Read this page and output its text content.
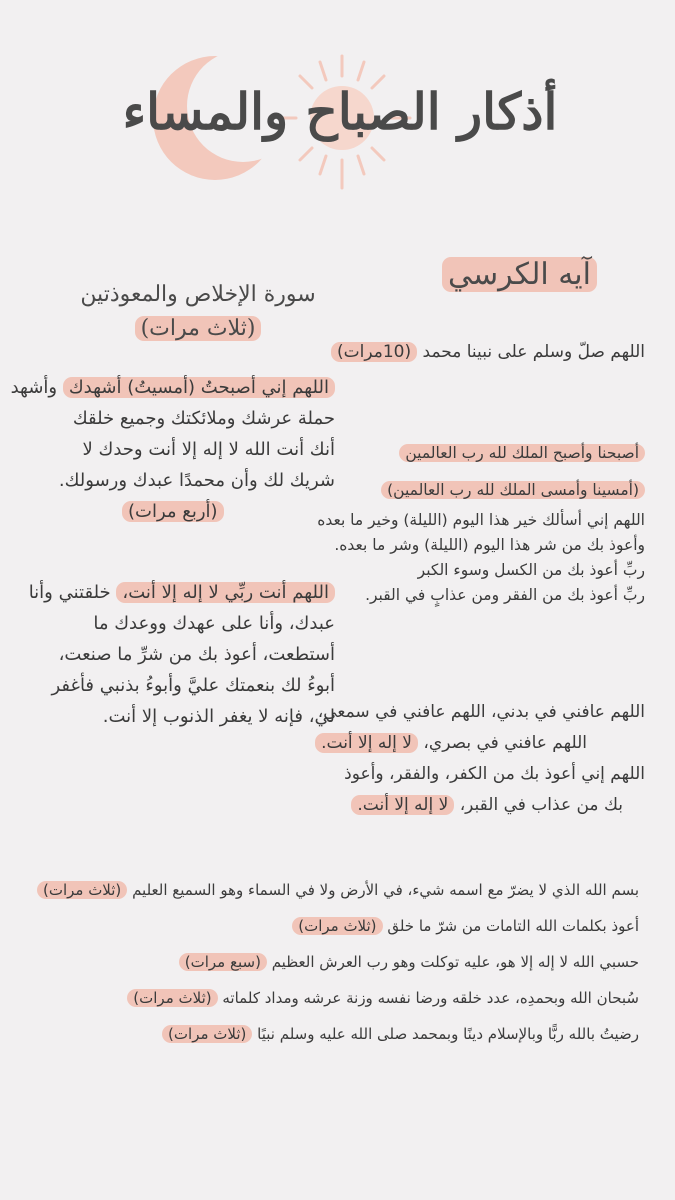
أذكار الصباح والمساء
آيه الكرسي
اللهم صلّ وسلم على نبينا محمد (10مرات)
أصبحنا وأصبح الملك لله رب العالمين
(أمسينا وأمسى الملك لله رب العالمين)
اللهم إني أسألك خير هذا اليوم (الليلة) وخير ما بعده
وأعوذ بك من شر هذا اليوم (الليلة) وشر ما بعده.
ربِّ أعوذ بك من الكسل وسوء الكبر
ربِّ أعوذ بك من الفقر ومن عذابٍ في القبر.
اللهم عافني في بدني، اللهم عافني في سمعي،
اللهم عافني في بصري، لا إله إلا أنت.
اللهم إني أعوذ بك من الكفر، والفقر، وأعوذ
بك من عذاب في القبر، لا إله إلا أنت.
سورة الإخلاص والمعوذتين
(ثلاث مرات)
اللهم إني أصبحتُ (أمسيتُ) أشهدك وأشهد
حملة عرشك وملائكتك وجميع خلقك
أنك أنت الله لا إله إلا أنت وحدك لا
شريك لك وأن محمدًا عبدك ورسولك.
(أربع مرات)
اللهم أنت ربِّي لا إله إلا أنت، خلقتني وأنا
عبدك، وأنا على عهدك ووعدك ما
أستطعت، أعوذ بك من شرِّ ما صنعت،
أبوءُ لك بنعمتك عليَّ وأبوءُ بذنبي فأغفر
لي، فإنه لا يغفر الذنوب إلا أنت.
بسم الله الذي لا يضرّ مع اسمه شيء، في الأرض ولا في السماء وهو السميع العليم (ثلاث مرات)
أعوذ بكلمات الله التامات من شرّ ما خلق (ثلاث مرات)
حسبي الله لا إله إلا هو، عليه توكلت وهو رب العرش العظيم (سبع مرات)
سُبحان الله وبحمدِه، عدد خلقه ورضا نفسه وزنة عرشه ومداد كلماته (ثلاث مرات)
رضيتُ بالله ربًّا وبالإسلام دينًا وبمحمد صلى الله عليه وسلم نبيًا (ثلاث مرات)
